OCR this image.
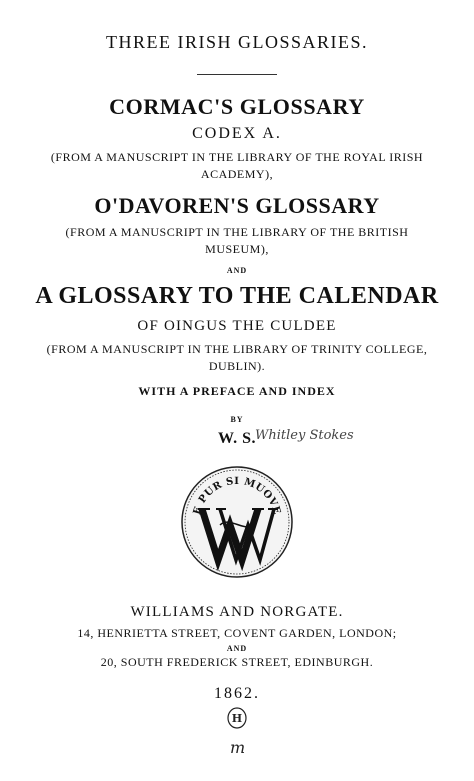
THREE IRISH GLOSSARIES.
CORMAC'S GLOSSARY
CODEX A.
(FROM A MANUSCRIPT IN THE LIBRARY OF THE ROYAL IRISH
ACADEMY),
O'DAVOREN'S GLOSSARY
(FROM A MANUSCRIPT IN THE LIBRARY OF THE BRITISH
MUSEUM),
AND
A GLOSSARY TO THE CALENDAR
OF OINGUS THE CULDEE
(FROM A MANUSCRIPT IN THE LIBRARY OF TRINITY COLLEGE,
DUBLIN).
WITH A PREFACE AND INDEX
BY
W. S. Whitley Stokes
E PUR SI MUOVE
WILLIAMS AND NORGATE.
14, HENRIETTA STREET, COVENT GARDEN, LONDON;
AND
20, SOUTH FREDERICK STREET, EDINBURGH.
1862.
H
m
